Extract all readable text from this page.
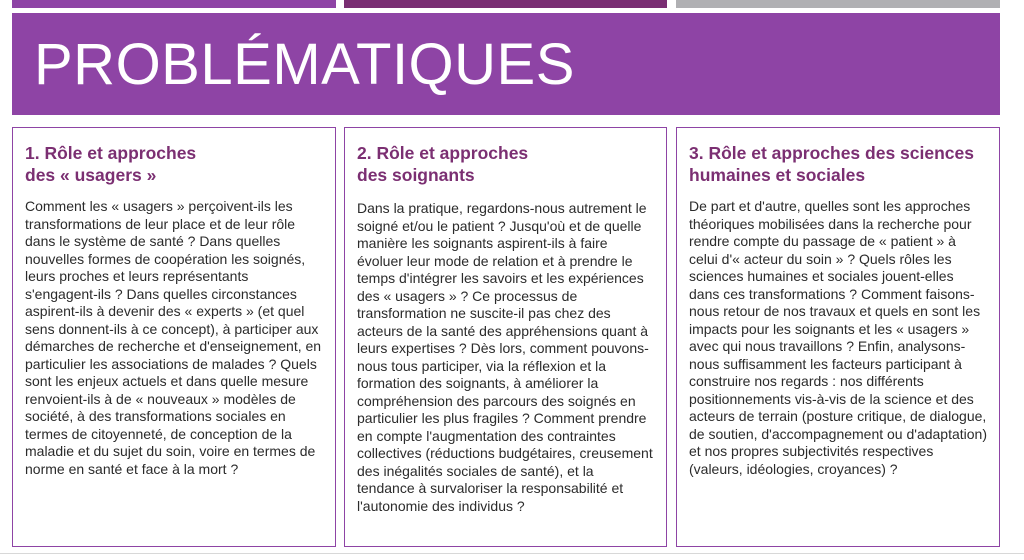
PROBLÉMATIQUES
1. Rôle et approches
des « usagers »

Comment les « usagers » perçoivent-ils les transformations de leur place et de leur rôle dans le système de santé ? Dans quelles nouvelles formes de coopération les soignés, leurs proches et leurs représentants s'engagent-ils ? Dans quelles circonstances aspirent-ils à devenir des « experts » (et quel sens donnent-ils à ce concept), à participer aux démarches de recherche et d'enseignement, en particulier les associations de malades ? Quels sont les enjeux actuels et dans quelle mesure renvoient-ils à de « nouveaux » modèles de société, à des transformations sociales en termes de citoyenneté, de conception de la maladie et du sujet du soin, voire en termes de norme en santé et face à la mort ?

2. Rôle et approches
des soignants

Dans la pratique, regardons-nous autrement le soigné et/ou le patient ? Jusqu'où et de quelle manière les soignants aspirent-ils à faire évoluer leur mode de relation et à prendre le temps d'intégrer les savoirs et les expériences des « usagers » ? Ce processus de transformation ne suscite-il pas chez des acteurs de la santé des appréhensions quant à leurs expertises ? Dès lors, comment pouvons-nous tous participer, via la réflexion et la formation des soignants, à améliorer la compréhension des parcours des soignés en particulier les plus fragiles ? Comment prendre en compte l'augmentation des contraintes collectives (réductions budgétaires, creusement des inégalités sociales de santé), et la tendance à survaloriser la responsabilité et l'autonomie des individus ?

3. Rôle et approches des sciences
humaines et sociales

De part et d'autre, quelles sont les approches théoriques mobilisées dans la recherche pour rendre compte du passage de « patient » à celui d'« acteur du soin » ? Quels rôles les sciences humaines et sociales jouent-elles dans ces transformations ? Comment faisons-nous retour de nos travaux et quels en sont les impacts pour les soignants et les « usagers » avec qui nous travaillons ? Enfin, analysons-nous suffisamment les facteurs participant à construire nos regards : nos différents positionnements vis-à-vis de la science et des acteurs de terrain (posture critique, de dialogue, de soutien, d'accompagnement ou d'adaptation) et nos propres subjectivités respectives (valeurs, idéologies, croyances) ?
